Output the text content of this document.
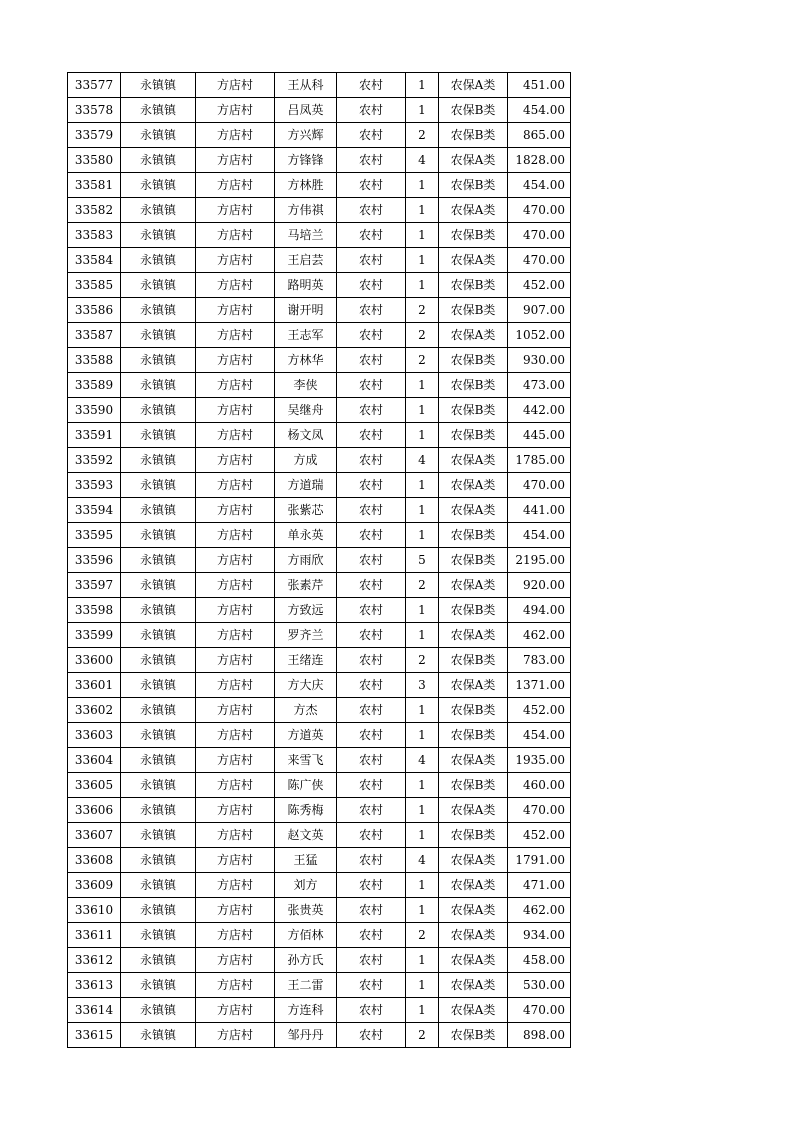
33577	永镇镇	方店村	王从科	农村	1	农保A类	451.00
33578	永镇镇	方店村	吕凤英	农村	1	农保B类	454.00
33579	永镇镇	方店村	方兴辉	农村	2	农保B类	865.00
33580	永镇镇	方店村	方锋锋	农村	4	农保A类	1828.00
33581	永镇镇	方店村	方林胜	农村	1	农保B类	454.00
33582	永镇镇	方店村	方伟祺	农村	1	农保A类	470.00
33583	永镇镇	方店村	马培兰	农村	1	农保B类	470.00
33584	永镇镇	方店村	王启芸	农村	1	农保A类	470.00
33585	永镇镇	方店村	路明英	农村	1	农保B类	452.00
33586	永镇镇	方店村	谢开明	农村	2	农保B类	907.00
33587	永镇镇	方店村	王志军	农村	2	农保A类	1052.00
33588	永镇镇	方店村	方林华	农村	2	农保B类	930.00
33589	永镇镇	方店村	李侠	农村	1	农保B类	473.00
33590	永镇镇	方店村	吴继舟	农村	1	农保B类	442.00
33591	永镇镇	方店村	杨文凤	农村	1	农保B类	445.00
33592	永镇镇	方店村	方成	农村	4	农保A类	1785.00
33593	永镇镇	方店村	方道瑞	农村	1	农保A类	470.00
33594	永镇镇	方店村	张紫芯	农村	1	农保A类	441.00
33595	永镇镇	方店村	单永英	农村	1	农保B类	454.00
33596	永镇镇	方店村	方雨欣	农村	5	农保B类	2195.00
33597	永镇镇	方店村	张素芹	农村	2	农保A类	920.00
33598	永镇镇	方店村	方致远	农村	1	农保B类	494.00
33599	永镇镇	方店村	罗齐兰	农村	1	农保A类	462.00
33600	永镇镇	方店村	王绪连	农村	2	农保B类	783.00
33601	永镇镇	方店村	方大庆	农村	3	农保A类	1371.00
33602	永镇镇	方店村	方杰	农村	1	农保B类	452.00
33603	永镇镇	方店村	方道英	农村	1	农保B类	454.00
33604	永镇镇	方店村	来雪飞	农村	4	农保A类	1935.00
33605	永镇镇	方店村	陈广侠	农村	1	农保B类	460.00
33606	永镇镇	方店村	陈秀梅	农村	1	农保A类	470.00
33607	永镇镇	方店村	赵文英	农村	1	农保B类	452.00
33608	永镇镇	方店村	王猛	农村	4	农保A类	1791.00
33609	永镇镇	方店村	刘方	农村	1	农保A类	471.00
33610	永镇镇	方店村	张贵英	农村	1	农保A类	462.00
33611	永镇镇	方店村	方佰林	农村	2	农保A类	934.00
33612	永镇镇	方店村	孙方氏	农村	1	农保A类	458.00
33613	永镇镇	方店村	王二雷	农村	1	农保A类	530.00
33614	永镇镇	方店村	方连科	农村	1	农保A类	470.00
33615	永镇镇	方店村	邹丹丹	农村	2	农保B类	898.00
